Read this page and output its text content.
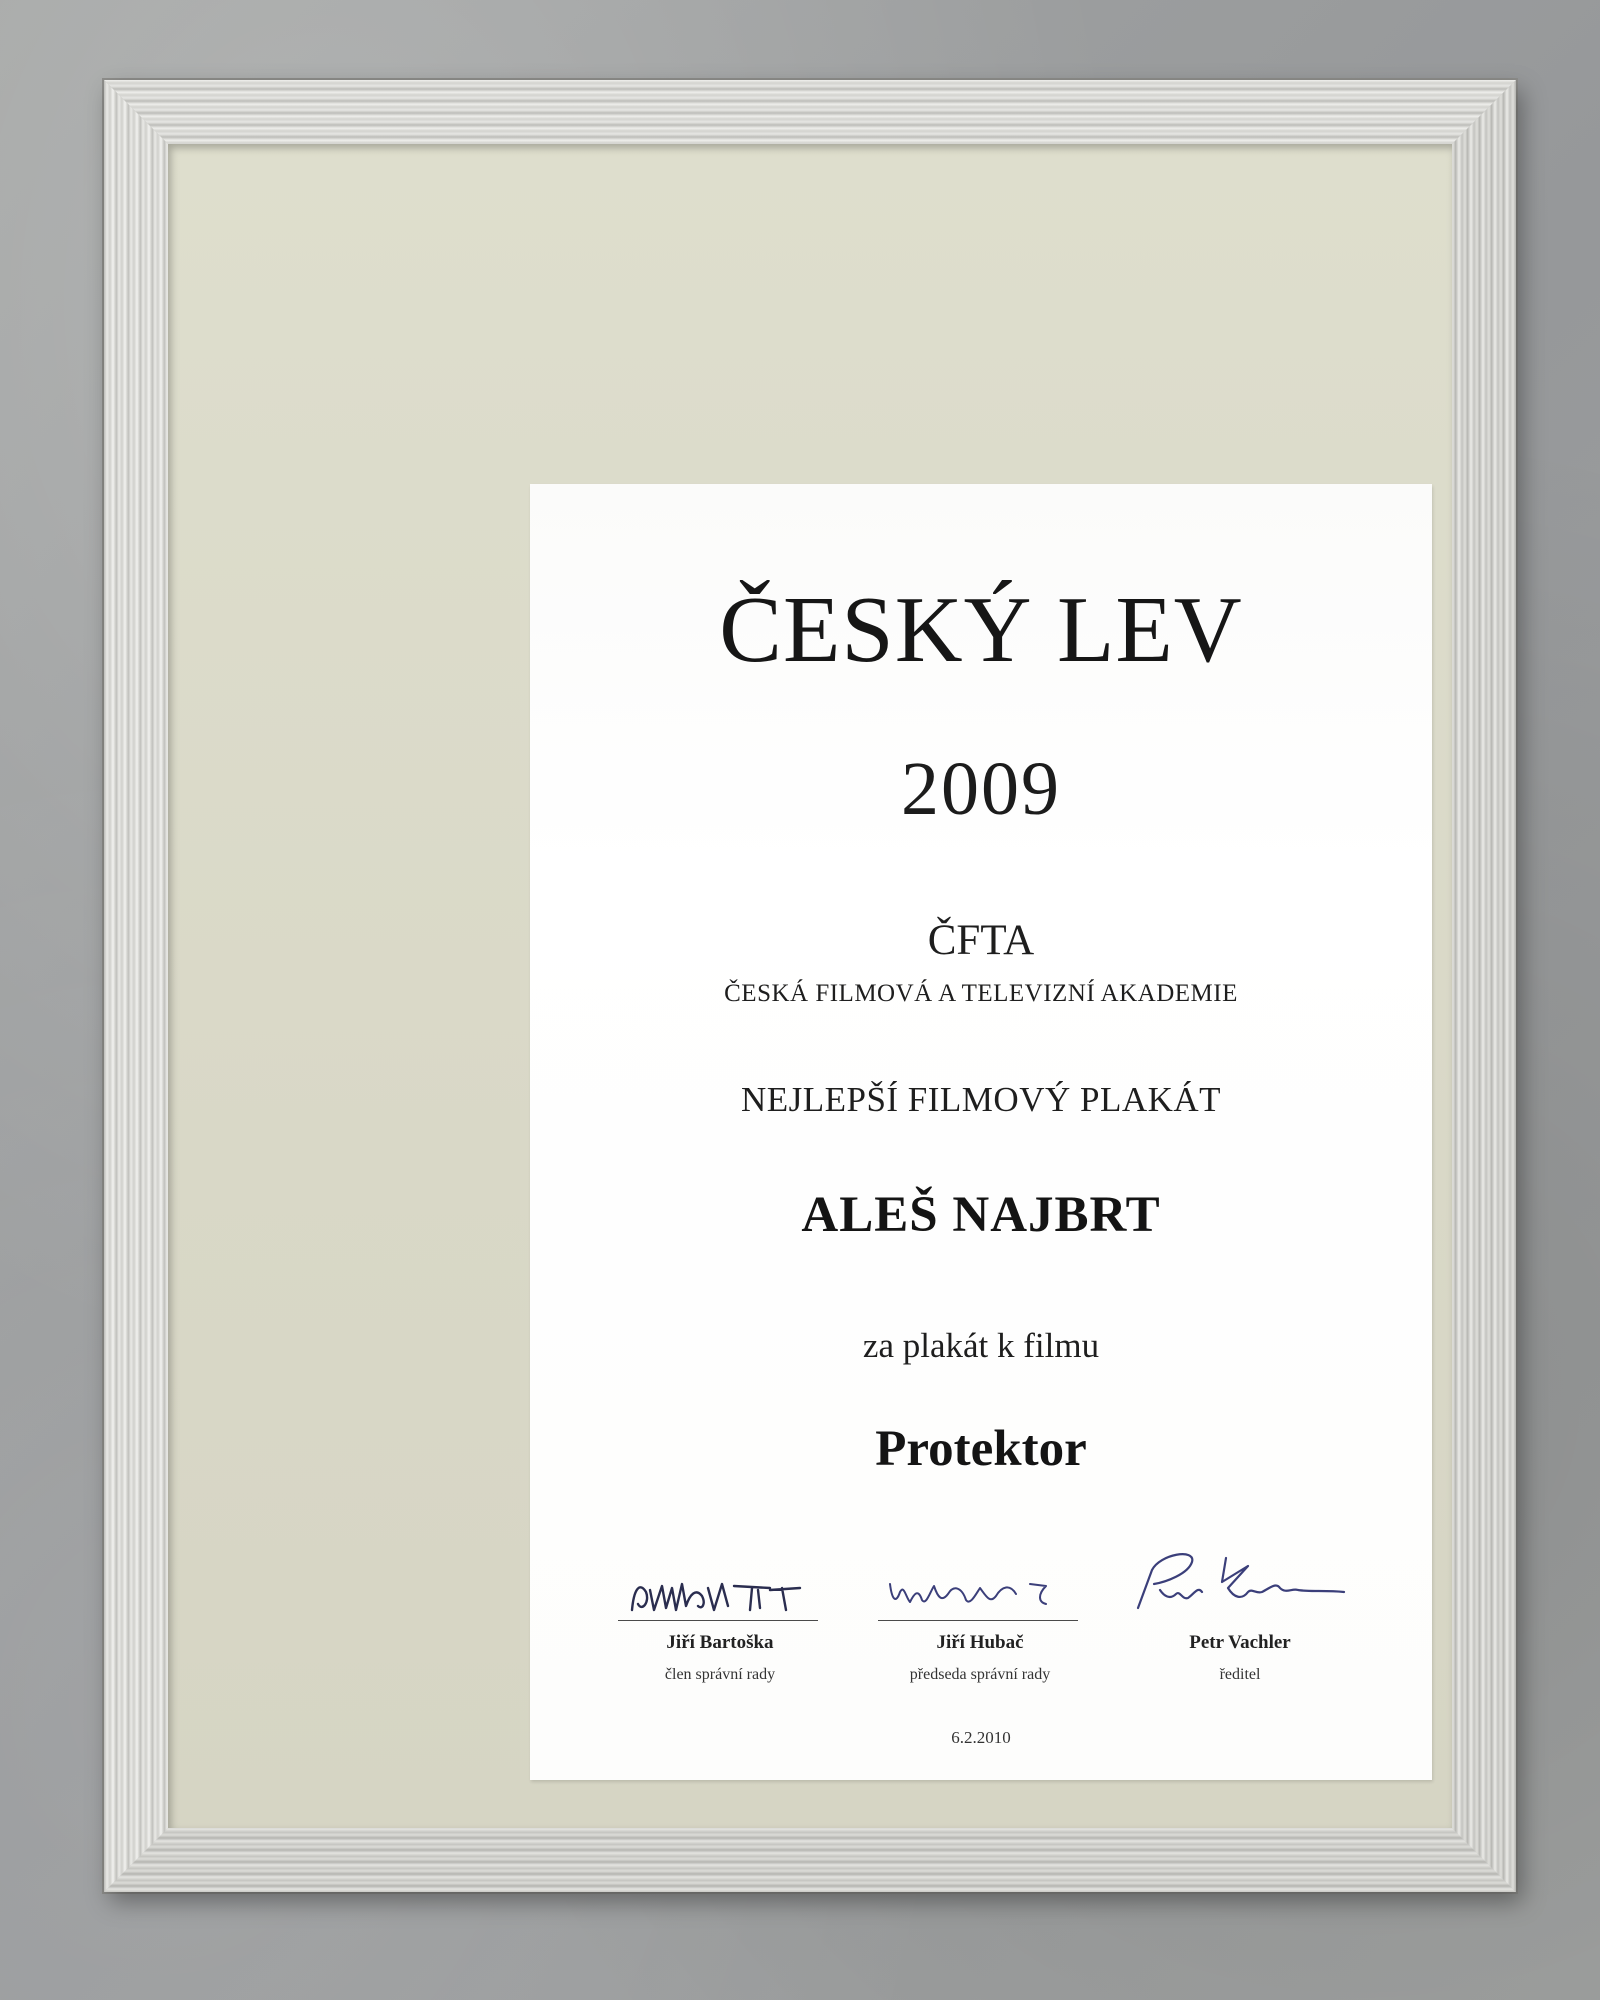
ČESKÝ LEV
2009
ČFTA
ČESKÁ FILMOVÁ A TELEVIZNÍ AKADEMIE
NEJLEPŠÍ FILMOVÝ PLAKÁT
ALEŠ NAJBRT
za plakát k filmu
Protektor
Jiří Bartoška
člen správní rady
Jiří Hubač
předseda správní rady
Petr Vachler
ředitel
6.2.2010
